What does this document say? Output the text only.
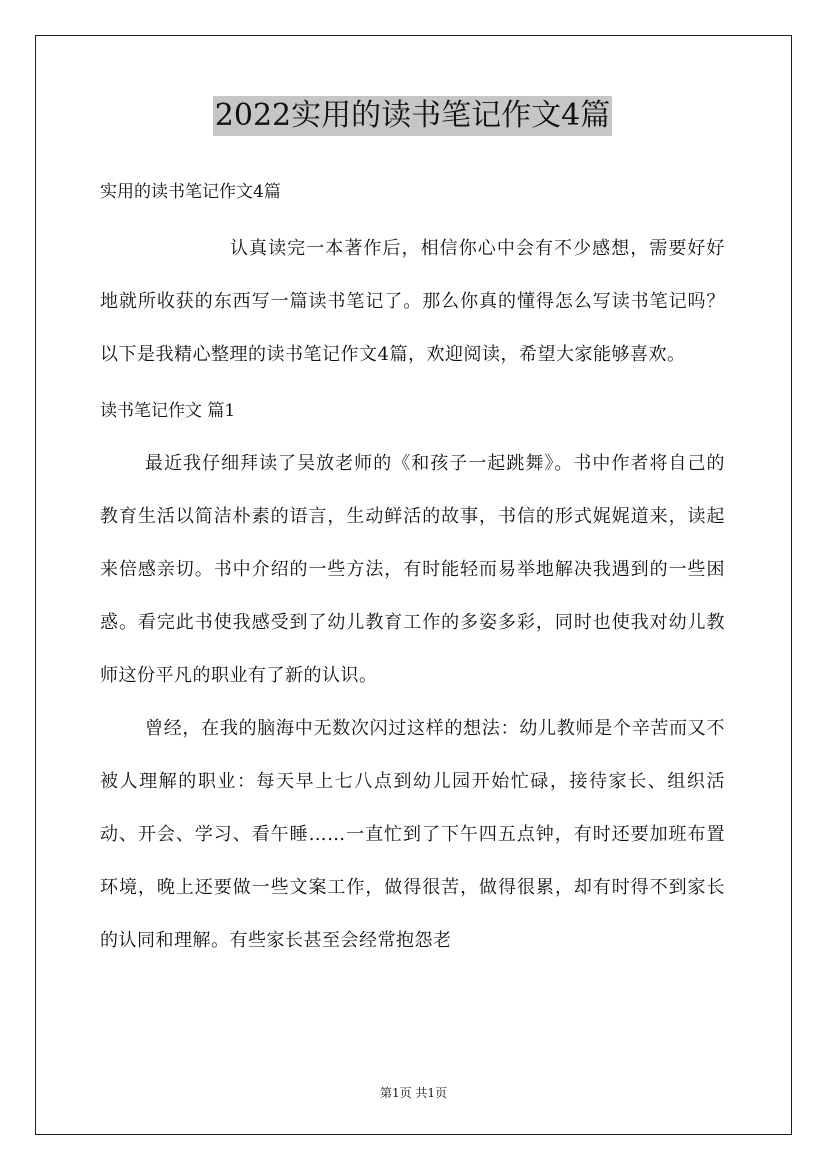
2022实用的读书笔记作文4篇

实用的读书笔记作文4篇

认真读完一本著作后，相信你心中会有不少感想，需要好好地就所收获的东西写一篇读书笔记了。那么你真的懂得怎么写读书笔记吗？以下是我精心整理的读书笔记作文4篇，欢迎阅读，希望大家能够喜欢。

读书笔记作文 篇1

最近我仔细拜读了吴放老师的《和孩子一起跳舞》。书中作者将自己的教育生活以简洁朴素的语言，生动鲜活的故事，书信的形式娓娓道来，读起来倍感亲切。书中介绍的一些方法，有时能轻而易举地解决我遇到的一些困惑。看完此书使我感受到了幼儿教育工作的多姿多彩，同时也使我对幼儿教师这份平凡的职业有了新的认识。

曾经，在我的脑海中无数次闪过这样的想法：幼儿教师是个辛苦而又不被人理解的职业：每天早上七八点到幼儿园开始忙碌，接待家长、组织活动、开会、学习、看午睡……一直忙到了下午四五点钟，有时还要加班布置环境，晚上还要做一些文案工作，做得很苦，做得很累，却有时得不到家长的认同和理解。有些家长甚至会经常抱怨老

第1页 共1页
